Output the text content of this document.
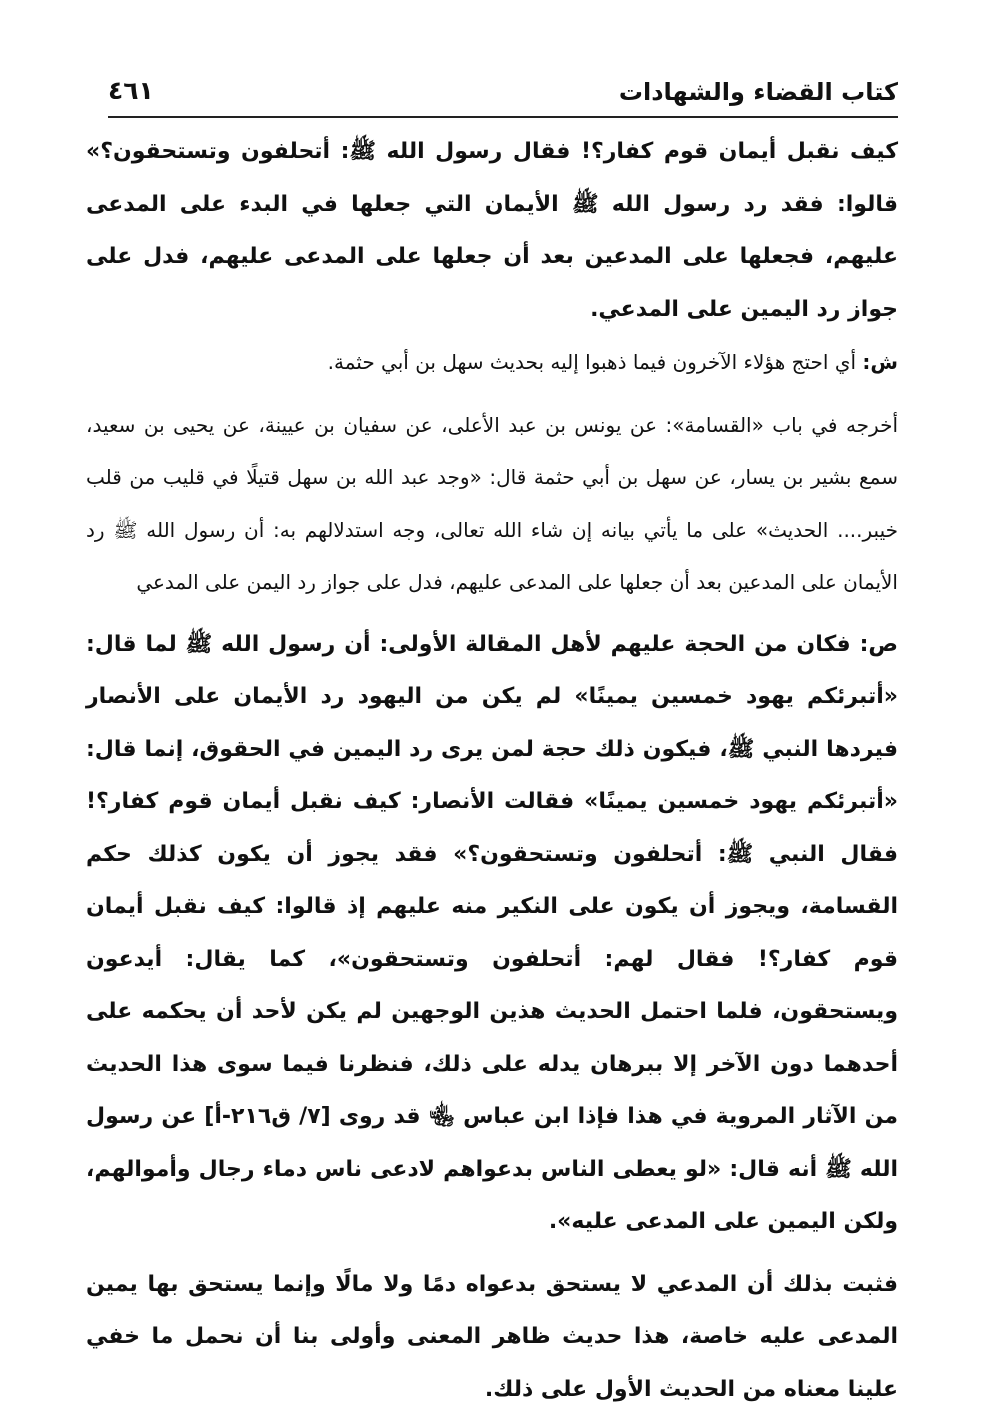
كتاب القضاء والشهادات
٤٦١

كيف نقبل أيمان قوم كفار؟! فقال رسول الله ﷺ: أتحلفون وتستحقون؟» قالوا: فقد رد رسول الله ﷺ الأيمان التي جعلها في البدء على المدعى عليهم، فجعلها على المدعين بعد أن جعلها على المدعى عليهم، فدل على جواز رد اليمين على المدعي.

ش: أي احتج هؤلاء الآخرون فيما ذهبوا إليه بحديث سهل بن أبي حثمة.

أخرجه في باب «القسامة»: عن يونس بن عبد الأعلى، عن سفيان بن عيينة، عن يحيى بن سعيد، سمع بشير بن يسار، عن سهل بن أبي حثمة قال: «وجد عبد الله بن سهل قتيلًا في قليب من قلب خيبر.... الحديث» على ما يأتي بيانه إن شاء الله تعالى، وجه استدلالهم به: أن رسول الله ﷺ رد الأيمان على المدعين بعد أن جعلها على المدعى عليهم، فدل على جواز رد اليمن على المدعي

ص: فكان من الحجة عليهم لأهل المقالة الأولى: أن رسول الله ﷺ لما قال: «أتبرئكم يهود خمسين يمينًا» لم يكن من اليهود رد الأيمان على الأنصار فيردها النبي ﷺ، فيكون ذلك حجة لمن يرى رد اليمين في الحقوق، إنما قال: «أتبرئكم يهود خمسين يمينًا» فقالت الأنصار: كيف نقبل أيمان قوم كفار؟! فقال النبي ﷺ: أتحلفون وتستحقون؟» فقد يجوز أن يكون كذلك حكم القسامة، ويجوز أن يكون على النكير منه عليهم إذ قالوا: كيف نقبل أيمان قوم كفار؟! فقال لهم: أتحلفون وتستحقون»، كما يقال: أيدعون ويستحقون، فلما احتمل الحديث هذين الوجهين لم يكن لأحد أن يحكمه على أحدهما دون الآخر إلا ببرهان يدله على ذلك، فنظرنا فيما سوى هذا الحديث من الآثار المروية في هذا فإذا ابن عباس ﵄ قد روى [٧/ ق٢١٦-أ] عن رسول الله ﷺ أنه قال: «لو يعطى الناس بدعواهم لادعى ناس دماء رجال وأموالهم، ولكن اليمين على المدعى عليه».

فثبت بذلك أن المدعي لا يستحق بدعواه دمًا ولا مالًا وإنما يستحق بها يمين المدعى عليه خاصة، هذا حديث ظاهر المعنى وأولى بنا أن نحمل ما خفي علينا معناه من الحديث الأول على ذلك.
